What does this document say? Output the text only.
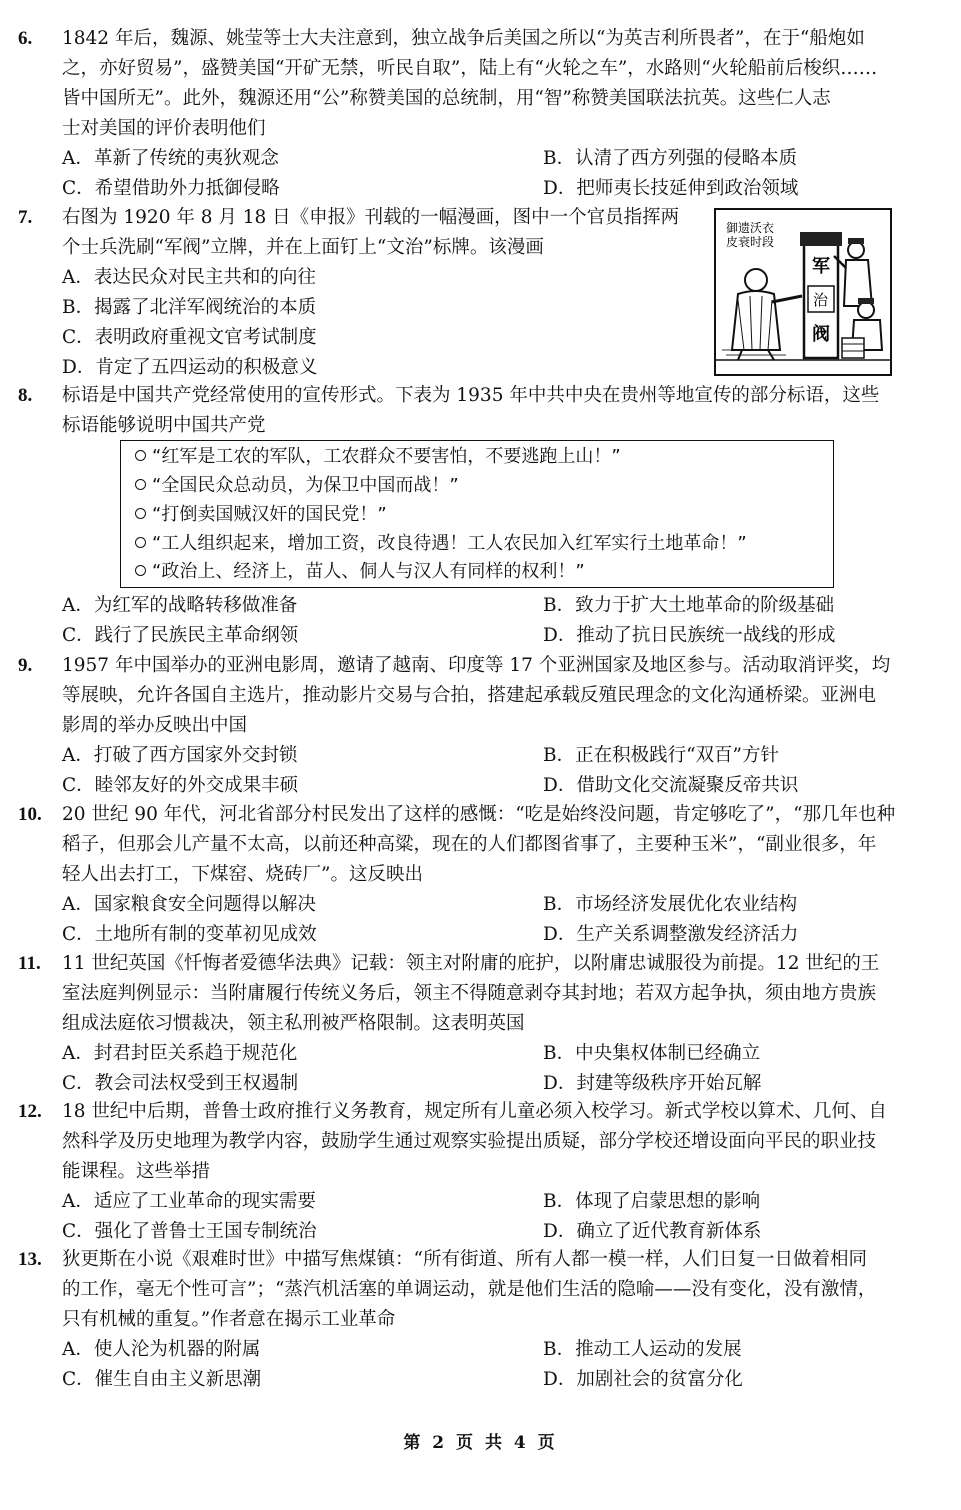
6. 1842 年后，魏源、姚莹等士大夫注意到，独立战争后美国之所以“为英吉利所畏者”，在于“船炮如
之，亦好贸易”，盛赞美国“开矿无禁，听民自取”，陆上有“火轮之车”，水路则“火轮船前后梭织……
皆中国所无”。此外，魏源还用“公”称赞美国的总统制，用“智”称赞美国联法抗英。这些仁人志
士对美国的评价表明他们
A．革新了传统的夷狄观念	B．认清了西方列强的侵略本质
C．希望借助外力抵御侵略	D．把师夷长技延伸到政治领域
7. 右图为 1920 年 8 月 18 日《申报》刊载的一幅漫画，图中一个官员指挥两
个士兵洗刷“军阀”立牌，并在上面钉上“文治”标牌。该漫画
A．表达民众对民主共和的向往
B．揭露了北洋军阀统治的本质
C．表明政府重视文官考试制度
D．肯定了五四运动的积极意义
御遗沃衣
皮衰时段
军
治
阀
8. 标语是中国共产党经常使用的宣传形式。下表为 1935 年中共中央在贵州等地宣传的部分标语，这些
标语能够说明中国共产党
“红军是工农的军队，工农群众不要害怕，不要逃跑上山！”
“全国民众总动员，为保卫中国而战！”
“打倒卖国贼汉奸的国民党！”
“工人组织起来，增加工资，改良待遇！工人农民加入红军实行土地革命！”
“政治上、经济上，苗人、侗人与汉人有同样的权利！”
A．为红军的战略转移做准备	B．致力于扩大土地革命的阶级基础
C．践行了民族民主革命纲领	D．推动了抗日民族统一战线的形成
9. 1957 年中国举办的亚洲电影周，邀请了越南、印度等 17 个亚洲国家及地区参与。活动取消评奖，均
等展映，允许各国自主选片，推动影片交易与合拍，搭建起承载反殖民理念的文化沟通桥梁。亚洲电
影周的举办反映出中国
A．打破了西方国家外交封锁	B．正在积极践行“双百”方针
C．睦邻友好的外交成果丰硕	D．借助文化交流凝聚反帝共识
10. 20 世纪 90 年代，河北省部分村民发出了这样的感慨：“吃是始终没问题，肯定够吃了”，“那几年也种
稻子，但那会儿产量不太高，以前还种高粱，现在的人们都图省事了，主要种玉米”，“副业很多，年
轻人出去打工，下煤窑、烧砖厂”。这反映出
A．国家粮食安全问题得以解决	B．市场经济发展优化农业结构
C．土地所有制的变革初见成效	D．生产关系调整激发经济活力
11. 11 世纪英国《忏悔者爱德华法典》记载：领主对附庸的庇护，以附庸忠诚服役为前提。12 世纪的王
室法庭判例显示：当附庸履行传统义务后，领主不得随意剥夺其封地；若双方起争执，须由地方贵族
组成法庭依习惯裁决，领主私刑被严格限制。这表明英国
A．封君封臣关系趋于规范化	B．中央集权体制已经确立
C．教会司法权受到王权遏制	D．封建等级秩序开始瓦解
12. 18 世纪中后期，普鲁士政府推行义务教育，规定所有儿童必须入校学习。新式学校以算术、几何、自
然科学及历史地理为教学内容，鼓励学生通过观察实验提出质疑，部分学校还增设面向平民的职业技
能课程。这些举措
A．适应了工业革命的现实需要	B．体现了启蒙思想的影响
C．强化了普鲁士王国专制统治	D．确立了近代教育新体系
13. 狄更斯在小说《艰难时世》中描写焦煤镇：“所有街道、所有人都一模一样，人们日复一日做着相同
的工作，毫无个性可言”；“蒸汽机活塞的单调运动，就是他们生活的隐喻——没有变化，没有激情，
只有机械的重复。”作者意在揭示工业革命
A．使人沦为机器的附属	B．推动工人运动的发展
C．催生自由主义新思潮	D．加剧社会的贫富分化
第 2 页 共 4 页
